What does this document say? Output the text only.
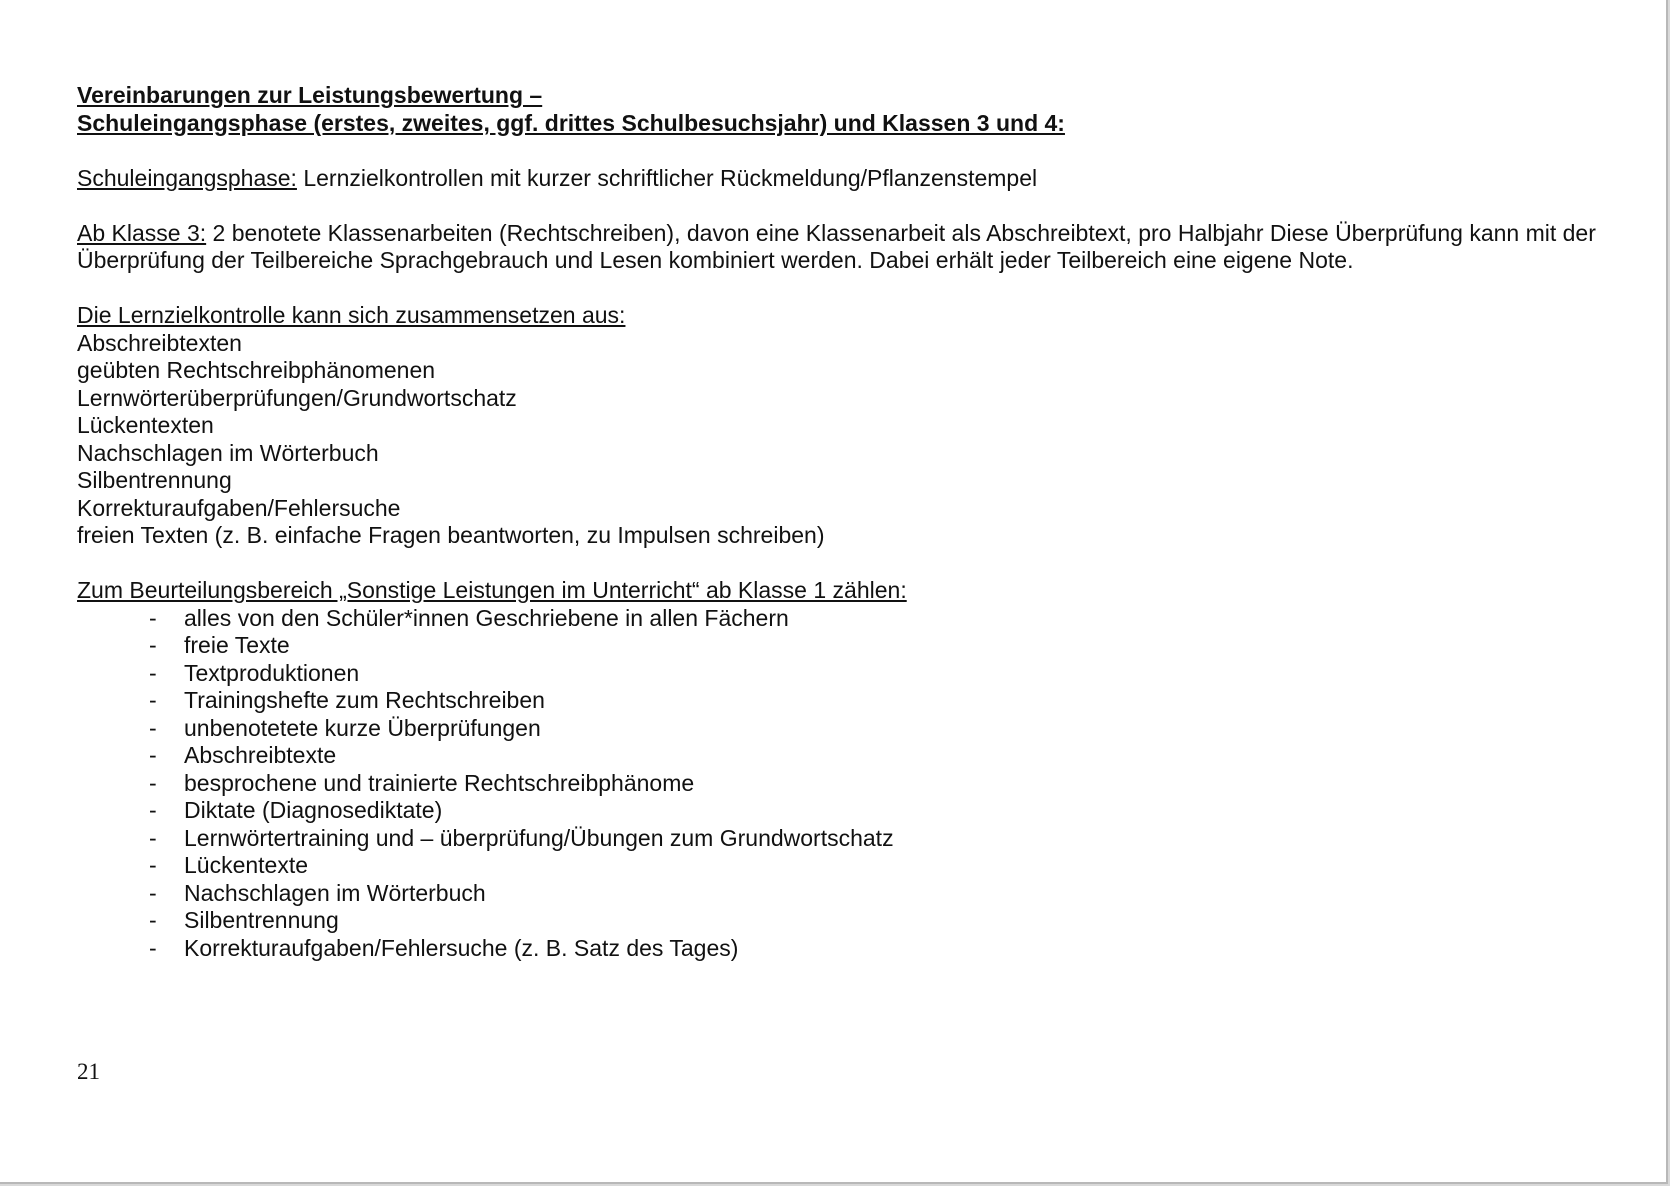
Vereinbarungen zur Leistungsbewertung –
Schuleingangsphase (erstes, zweites, ggf. drittes Schulbesuchsjahr) und Klassen 3 und 4:

Schuleingangsphase: Lernzielkontrollen mit kurzer schriftlicher Rückmeldung/Pflanzenstempel

Ab Klasse 3: 2 benotete Klassenarbeiten (Rechtschreiben), davon eine Klassenarbeit als Abschreibtext, pro Halbjahr Diese Überprüfung kann mit der Überprüfung der Teilbereiche Sprachgebrauch und Lesen kombiniert werden. Dabei erhält jeder Teilbereich eine eigene Note.

Die Lernzielkontrolle kann sich zusammensetzen aus:
Abschreibtexten
geübten Rechtschreibphänomenen
Lernwörterüberprüfungen/Grundwortschatz
Lückentexten
Nachschlagen im Wörterbuch
Silbentrennung
Korrekturaufgaben/Fehlersuche
freien Texten (z. B. einfache Fragen beantworten, zu Impulsen schreiben)
Zum Beurteilungsbereich „Sonstige Leistungen im Unterricht“ ab Klasse 1 zählen:
- alles von den Schüler*innen Geschriebene in allen Fächern
- freie Texte
- Textproduktionen
- Trainingshefte zum Rechtschreiben
- unbenotetete kurze Überprüfungen
- Abschreibtexte
- besprochene und trainierte Rechtschreibphänome
- Diktate (Diagnosediktate)
- Lernwörtertraining und – überprüfung/Übungen zum Grundwortschatz
- Lückentexte
- Nachschlagen im Wörterbuch
- Silbentrennung
- Korrekturaufgaben/Fehlersuche (z. B. Satz des Tages)
21
